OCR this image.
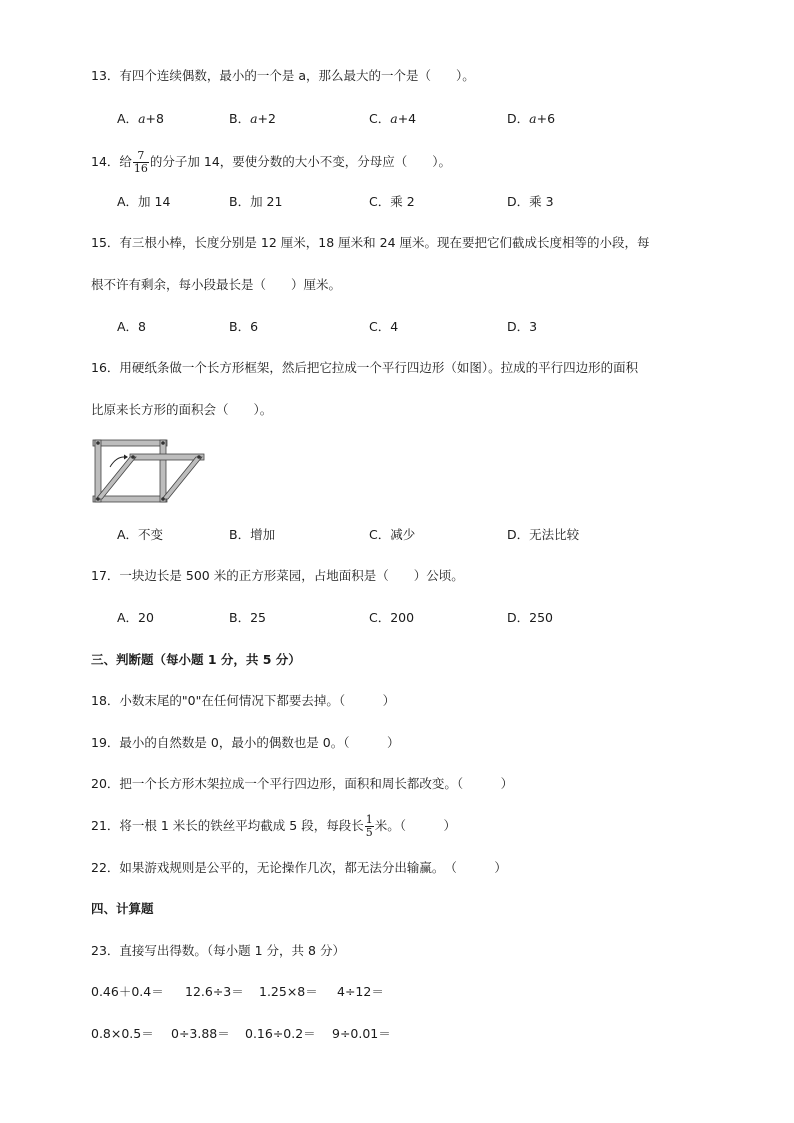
13．有四个连续偶数，最小的一个是 a，那么最大的一个是（　　）。
A．a+8	B．a+2	C．a+4	D．a+6
14．给 $\frac{7}{16}$ 的分子加 14，要使分数的大小不变，分母应（　　）。
A．加 14	B．加 21	C．乘 2	D．乘 3
15．有三根小棒，长度分别是 12 厘米，18 厘米和 24 厘米。现在要把它们截成长度相等的小段，每
根不许有剩余，每小段最长是（　　）厘米。
A．8	B．6	C．4	D．3
16．用硬纸条做一个长方形框架，然后把它拉成一个平行四边形（如图）。拉成的平行四边形的面积
比原来长方形的面积会（　　）。
A．不变	B．增加	C．减少	D．无法比较
17．一块边长是 500 米的正方形菜园，占地面积是（　　）公顷。
A．20	B．25	C．200	D．250
三、判断题（每小题 1 分，共 5 分）
18．小数末尾的"0"在任何情况下都要去掉。（　　　）
19．最小的自然数是 0，最小的偶数也是 0。（　　　）
20．把一个长方形木架拉成一个平行四边形，面积和周长都改变。（　　　）
21．将一根 1 米长的铁丝平均截成 5 段，每段长 $\frac{1}{5}$ 米。（　　　）
22．如果游戏规则是公平的，无论操作几次，都无法分出输赢。　（　　　）
四、计算题
23．直接写出得数。（每小题 1 分，共 8 分）
0.46＋0.4＝ 12.6÷3＝ 1.25×8＝ 4÷12＝
0.8×0.5＝ 0÷3.88＝ 0.16÷0.2＝ 9÷0.01＝
